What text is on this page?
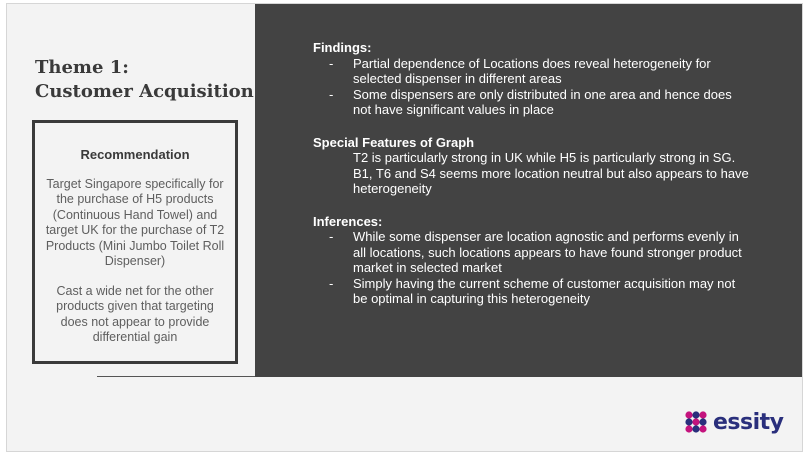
Theme 1:
Customer Acquisition
Recommendation
Target Singapore specifically for the purchase of H5 products (Continuous Hand Towel) and target UK for the purchase of T2 Products (Mini Jumbo Toilet Roll Dispenser)
Cast a wide net for the other products given that targeting does not appear to provide differential gain
Findings:
- Partial dependence of Locations does reveal heterogeneity for selected dispenser in different areas
- Some dispensers are only distributed in one area and hence does not have significant values in place
Special Features of Graph
T2 is particularly strong in UK while H5 is particularly strong in SG. B1, T6 and S4 seems more location neutral but also appears to have heterogeneity
Inferences:
- While some dispenser are location agnostic and performs evenly in all locations, such locations appears to have found stronger product market in selected market
- Simply having the current scheme of customer acquisition may not be optimal in capturing this heterogeneity
essity
